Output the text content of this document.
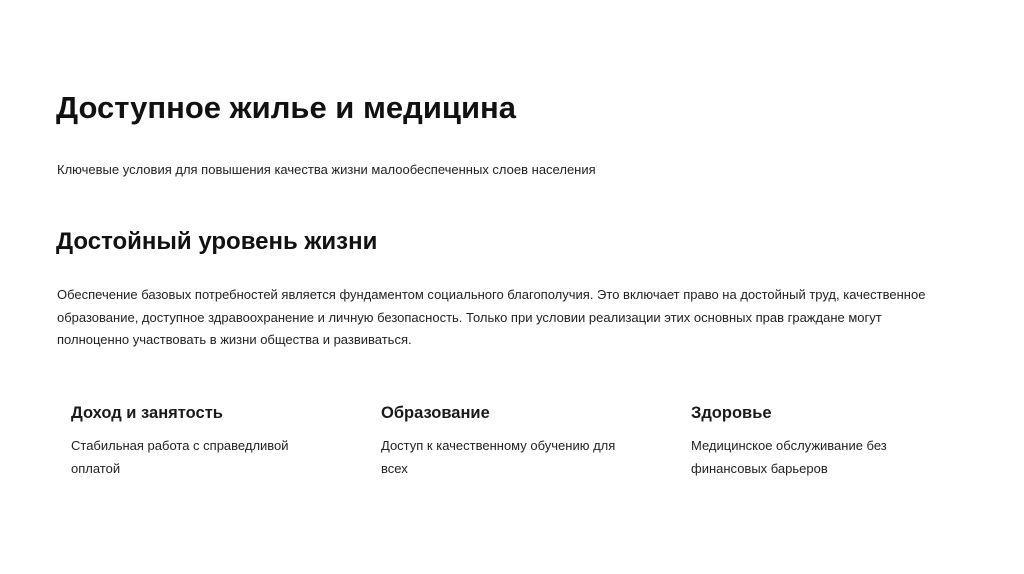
Доступное жилье и медицина

Ключевые условия для повышения качества жизни малообеспеченных слоев населения

Достойный уровень жизни

Обеспечение базовых потребностей является фундаментом социального благополучия. Это включает право на достойный труд, качественное образование, доступное здравоохранение и личную безопасность. Только при условии реализации этих основных прав граждане могут полноценно участвовать в жизни общества и развиваться.

Доход и занятость

Стабильная работа с справедливой оплатой

Образование

Доступ к качественному обучению для всех

Здоровье

Медицинское обслуживание без финансовых барьеров
